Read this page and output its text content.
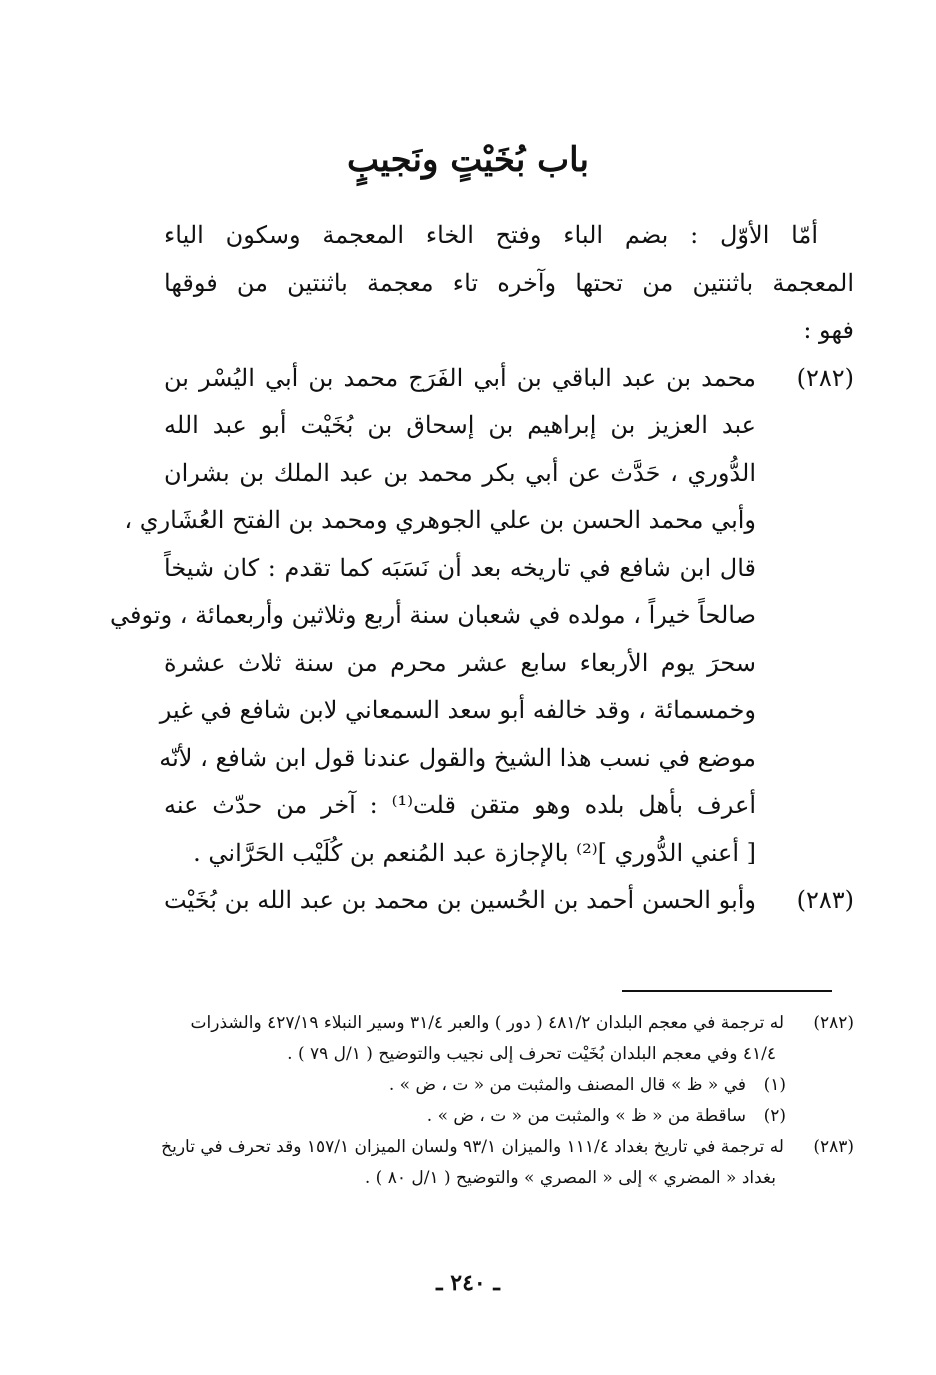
باب بُخَيْتٍ ونَجيبٍ
أمّا الأوّل : بضم الباء وفتح الخاء المعجمة وسكون الياء
المعجمة باثنتين من تحتها وآخره تاء معجمة باثنتين من فوقها
فهو :
(٢٨٢)
محمد بن عبد الباقي بن أبي الفَرَج محمد بن أبي اليُسْر بن
عبد العزيز بن إبراهيم بن إسحاق بن بُخَيْت أبو عبد الله
الدُّوري ، حَدَّث عن أبي بكر محمد بن عبد الملك بن بشران
وأبي محمد الحسن بن علي الجوهري ومحمد بن الفتح العُشَاري ،
قال ابن شافع في تاريخه بعد أن نَسَبَه كما تقدم : كان شيخاً
صالحاً خيراً ، مولده في شعبان سنة أربع وثلاثين وأربعمائة ، وتوفي
سحرَ يوم الأربعاء سابع عشر محرم من سنة ثلاث عشرة
وخمسمائة ، وقد خالفه أبو سعد السمعاني لابن شافع في غير
موضع في نسب هذا الشيخ والقول عندنا قول ابن شافع ، لأنّه
أعرف بأهل بلده وهو متقن قلت⁽¹⁾ : آخر من حدّث عنه
[ أعني الدُّوري ]⁽²⁾ بالإجازة عبد المُنعم بن كُلَيْب الحَرَّاني .
(٢٨٣)
وأبو الحسن أحمد بن الحُسين بن محمد بن عبد الله بن بُخَيْت
(٢٨٢)له ترجمة في معجم البلدان ٤٨١/٢ ( دور ) والعبر ٣١/٤ وسير النبلاء ٤٢٧/١٩ والشذرات
٤١/٤ وفي معجم البلدان بُخَيْت تحرف إلى نجيب والتوضيح ( ١/ل ٧٩ ) .
(١)في « ظ » قال المصنف والمثبت من « ت ، ض » .
(٢)ساقطة من « ظ » والمثبت من « ت ، ض » .
(٢٨٣)له ترجمة في تاريخ بغداد ١١١/٤ والميزان ٩٣/١ ولسان الميزان ١٥٧/١ وقد تحرف في تاريخ
بغداد « المضري » إلى « المصري » والتوضيح ( ١/ل ٨٠ ) .
ـ ٢٤٠ ـ
